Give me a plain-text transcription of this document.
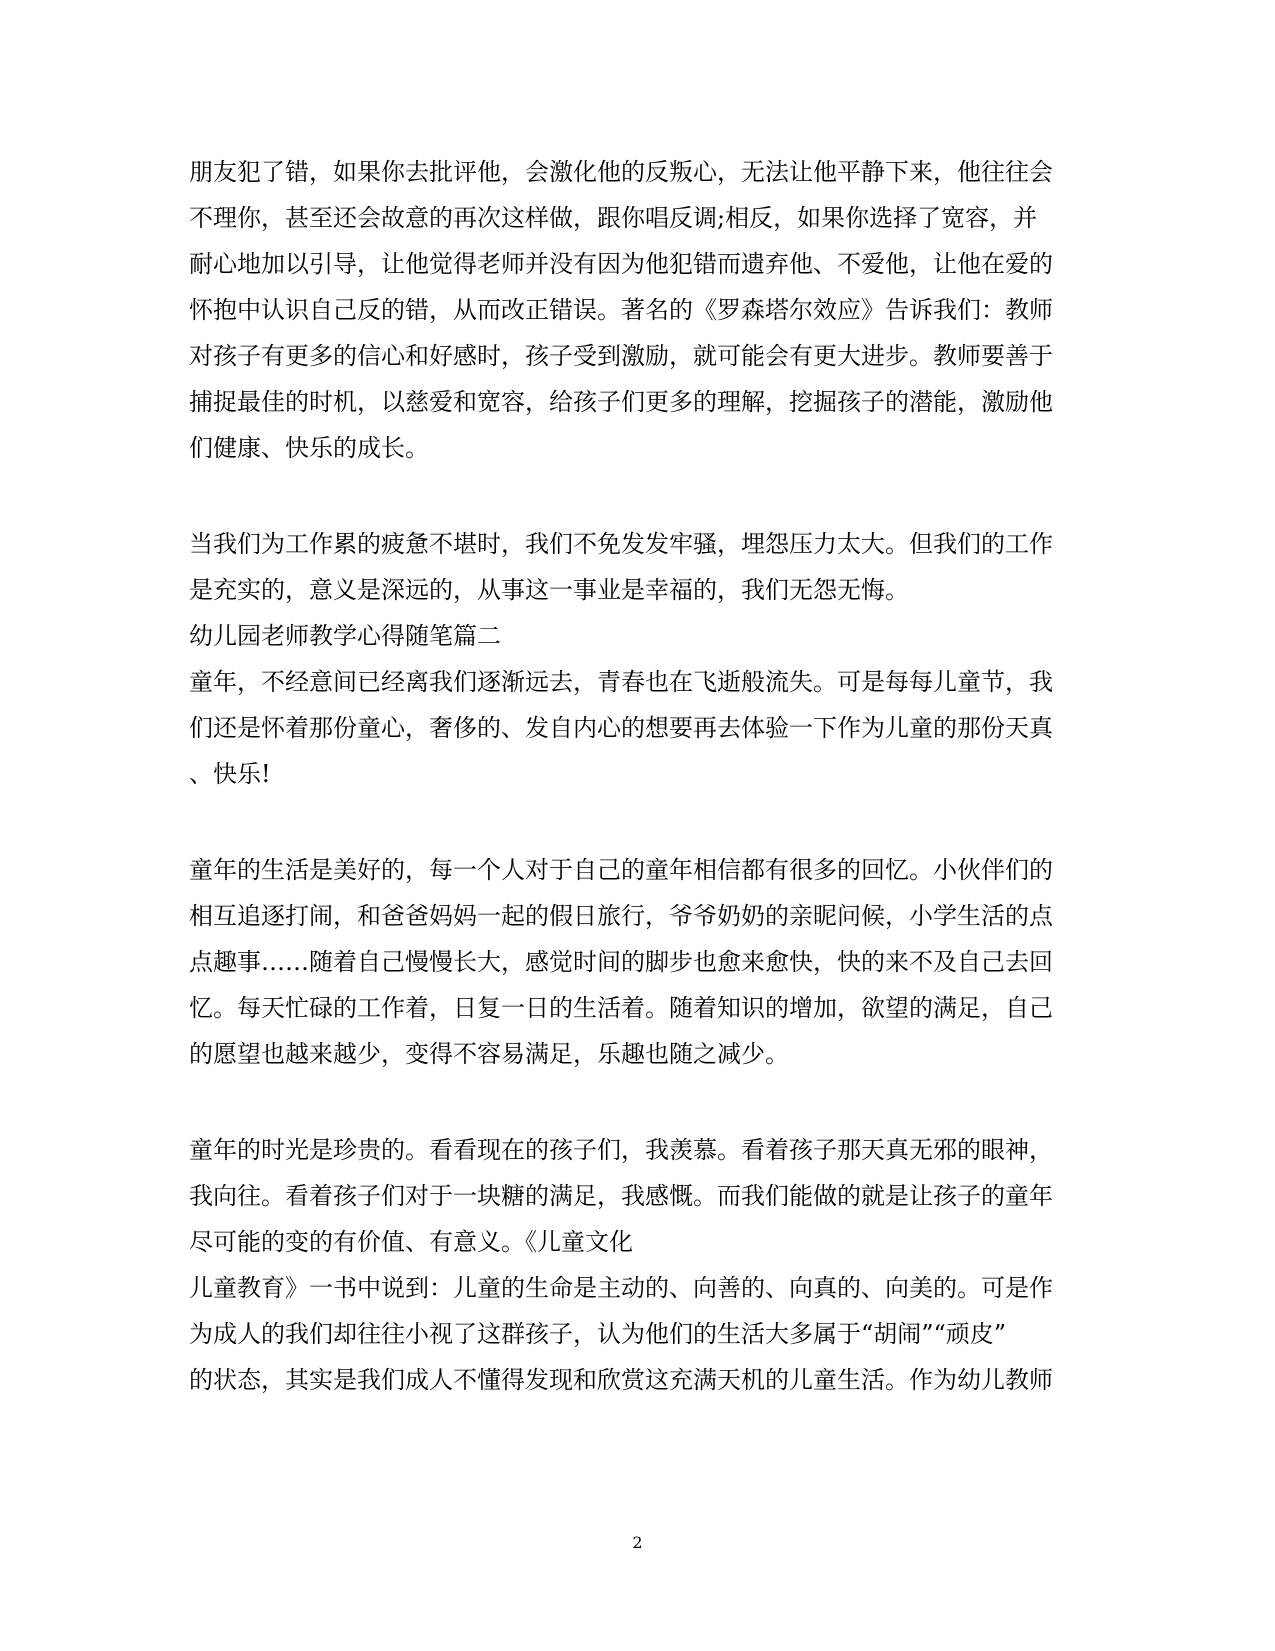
朋友犯了错，如果你去批评他，会激化他的反叛心，无法让他平静下来，他往往会
不理你，甚至还会故意的再次这样做，跟你唱反调;相反，如果你选择了宽容，并
耐心地加以引导，让他觉得老师并没有因为他犯错而遗弃他、不爱他，让他在爱的
怀抱中认识自己反的错，从而改正错误。著名的《罗森塔尔效应》告诉我们：教师
对孩子有更多的信心和好感时，孩子受到激励，就可能会有更大进步。教师要善于
捕捉最佳的时机，以慈爱和宽容，给孩子们更多的理解，挖掘孩子的潜能，激励他
们健康、快乐的成长。
当我们为工作累的疲惫不堪时，我们不免发发牢骚，埋怨压力太大。但我们的工作
是充实的，意义是深远的，从事这一事业是幸福的，我们无怨无悔。
幼儿园老师教学心得随笔篇二
童年，不经意间已经离我们逐渐远去，青春也在飞逝般流失。可是每每儿童节，我
们还是怀着那份童心，奢侈的、发自内心的想要再去体验一下作为儿童的那份天真
、快乐!
童年的生活是美好的，每一个人对于自己的童年相信都有很多的回忆。小伙伴们的
相互追逐打闹，和爸爸妈妈一起的假日旅行，爷爷奶奶的亲昵问候，小学生活的点
点趣事……随着自己慢慢长大，感觉时间的脚步也愈来愈快，快的来不及自己去回
忆。每天忙碌的工作着，日复一日的生活着。随着知识的增加，欲望的满足，自己
的愿望也越来越少，变得不容易满足，乐趣也随之减少。
童年的时光是珍贵的。看看现在的孩子们，我羡慕。看着孩子那天真无邪的眼神，
我向往。看着孩子们对于一块糖的满足，我感慨。而我们能做的就是让孩子的童年
尽可能的变的有价值、有意义。《儿童文化
儿童教育》一书中说到：儿童的生命是主动的、向善的、向真的、向美的。可是作
为成人的我们却往往小视了这群孩子，认为他们的生活大多属于“胡闹”“顽皮”
的状态，其实是我们成人不懂得发现和欣赏这充满天机的儿童生活。作为幼儿教师
2
